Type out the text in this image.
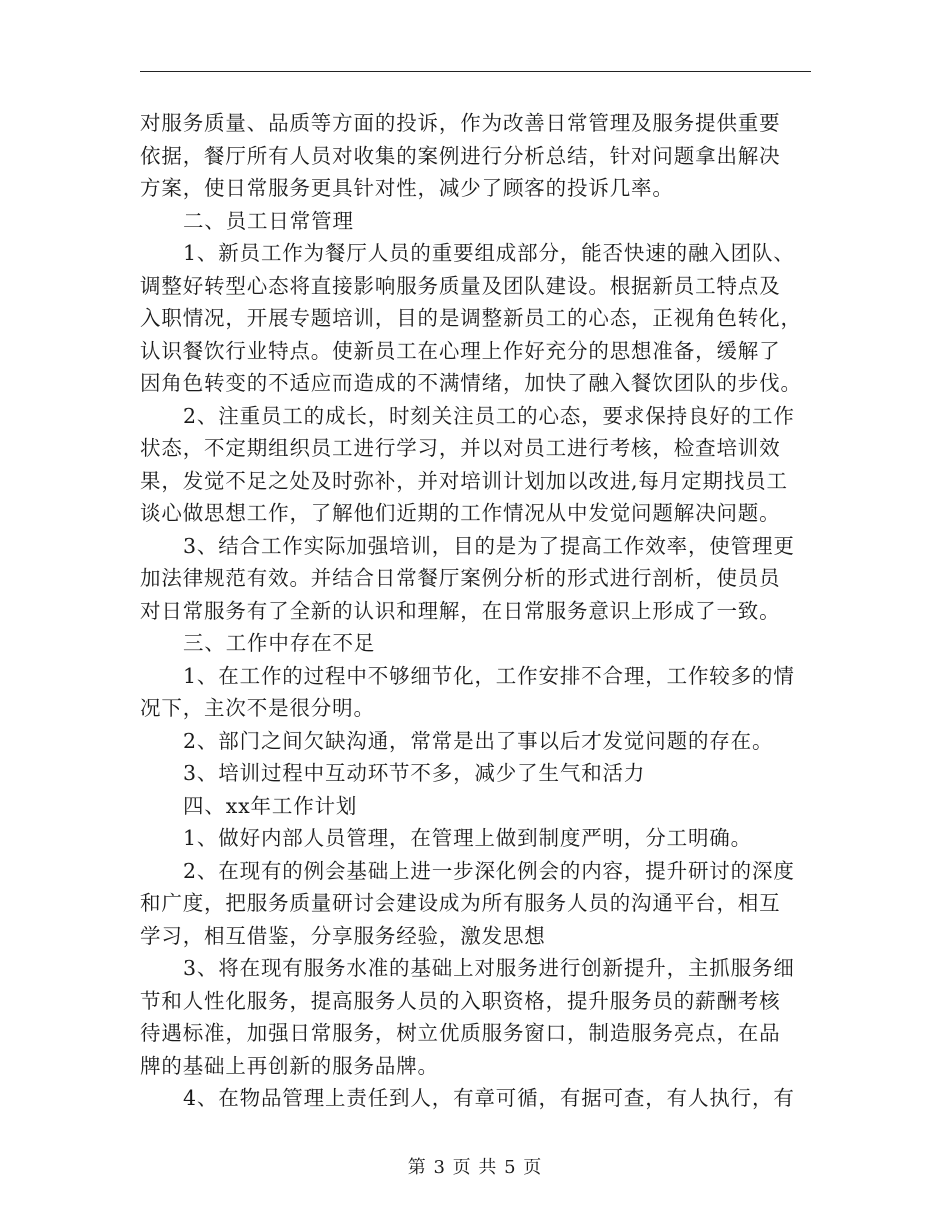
对服务质量、品质等方面的投诉，作为改善日常管理及服务提供重要
依据，餐厅所有人员对收集的案例进行分析总结，针对问题拿出解决
方案，使日常服务更具针对性，减少了顾客的投诉几率。
二、员工日常管理
1、新员工作为餐厅人员的重要组成部分，能否快速的融入团队、
调整好转型心态将直接影响服务质量及团队建设。根据新员工特点及
入职情况，开展专题培训，目的是调整新员工的心态，正视角色转化，
认识餐饮行业特点。使新员工在心理上作好充分的思想准备，缓解了
因角色转变的不适应而造成的不满情绪，加快了融入餐饮团队的步伐。
2、注重员工的成长，时刻关注员工的心态，要求保持良好的工作
状态，不定期组织员工进行学习，并以对员工进行考核，检查培训效
果，发觉不足之处及时弥补，并对培训计划加以改进,每月定期找员工
谈心做思想工作，了解他们近期的工作情况从中发觉问题解决问题。
3、结合工作实际加强培训，目的是为了提高工作效率，使管理更
加法律规范有效。并结合日常餐厅案例分析的形式进行剖析，使员员
对日常服务有了全新的认识和理解，在日常服务意识上形成了一致。
三、工作中存在不足
1、在工作的过程中不够细节化，工作安排不合理，工作较多的情
况下，主次不是很分明。
2、部门之间欠缺沟通，常常是出了事以后才发觉问题的存在。
3、培训过程中互动环节不多，减少了生气和活力
四、xx年工作计划
1、做好内部人员管理，在管理上做到制度严明，分工明确。
2、在现有的例会基础上进一步深化例会的内容，提升研讨的深度
和广度，把服务质量研讨会建设成为所有服务人员的沟通平台，相互
学习，相互借鉴，分享服务经验，激发思想
3、将在现有服务水准的基础上对服务进行创新提升，主抓服务细
节和人性化服务，提高服务人员的入职资格，提升服务员的薪酬考核
待遇标准，加强日常服务，树立优质服务窗口，制造服务亮点，在品
牌的基础上再创新的服务品牌。
4、在物品管理上责任到人，有章可循，有据可查，有人执行，有
第 3 页 共 5 页
